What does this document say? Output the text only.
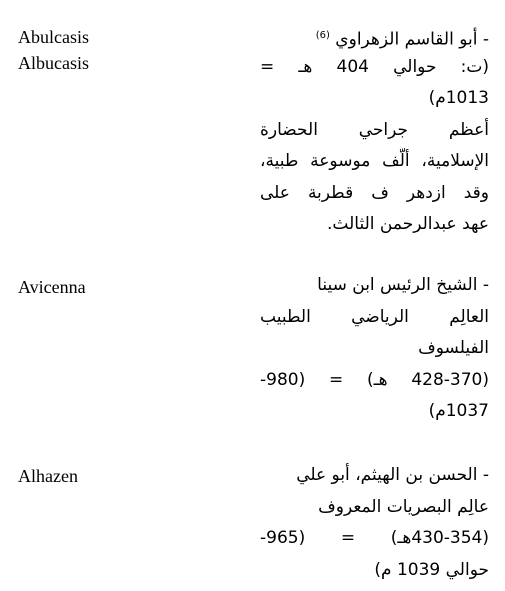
Abulcasis
Albucasis
- أبو القاسم الزهراوي $^{(6)}$
(ت: حوالي 404 هـ =
1013م)
أعظم جراحي الحضارة
الإسلامية، ألّف موسوعة طبية،
وقد ازدهر ف قطربة على
عهد عبدالرحمن الثالث.
Avicenna	- الشيخ الرئيس ابن سينا
العالِم الرياضي الطبيب
الفيلسوف
(428-370 هـ) = (980-
1037م)
Alhazen	- الحسن بن الهيثم، أبو علي
عالِم البصريات المعروف
(430-354هـ) = (965-
حوالي 1039 م)
